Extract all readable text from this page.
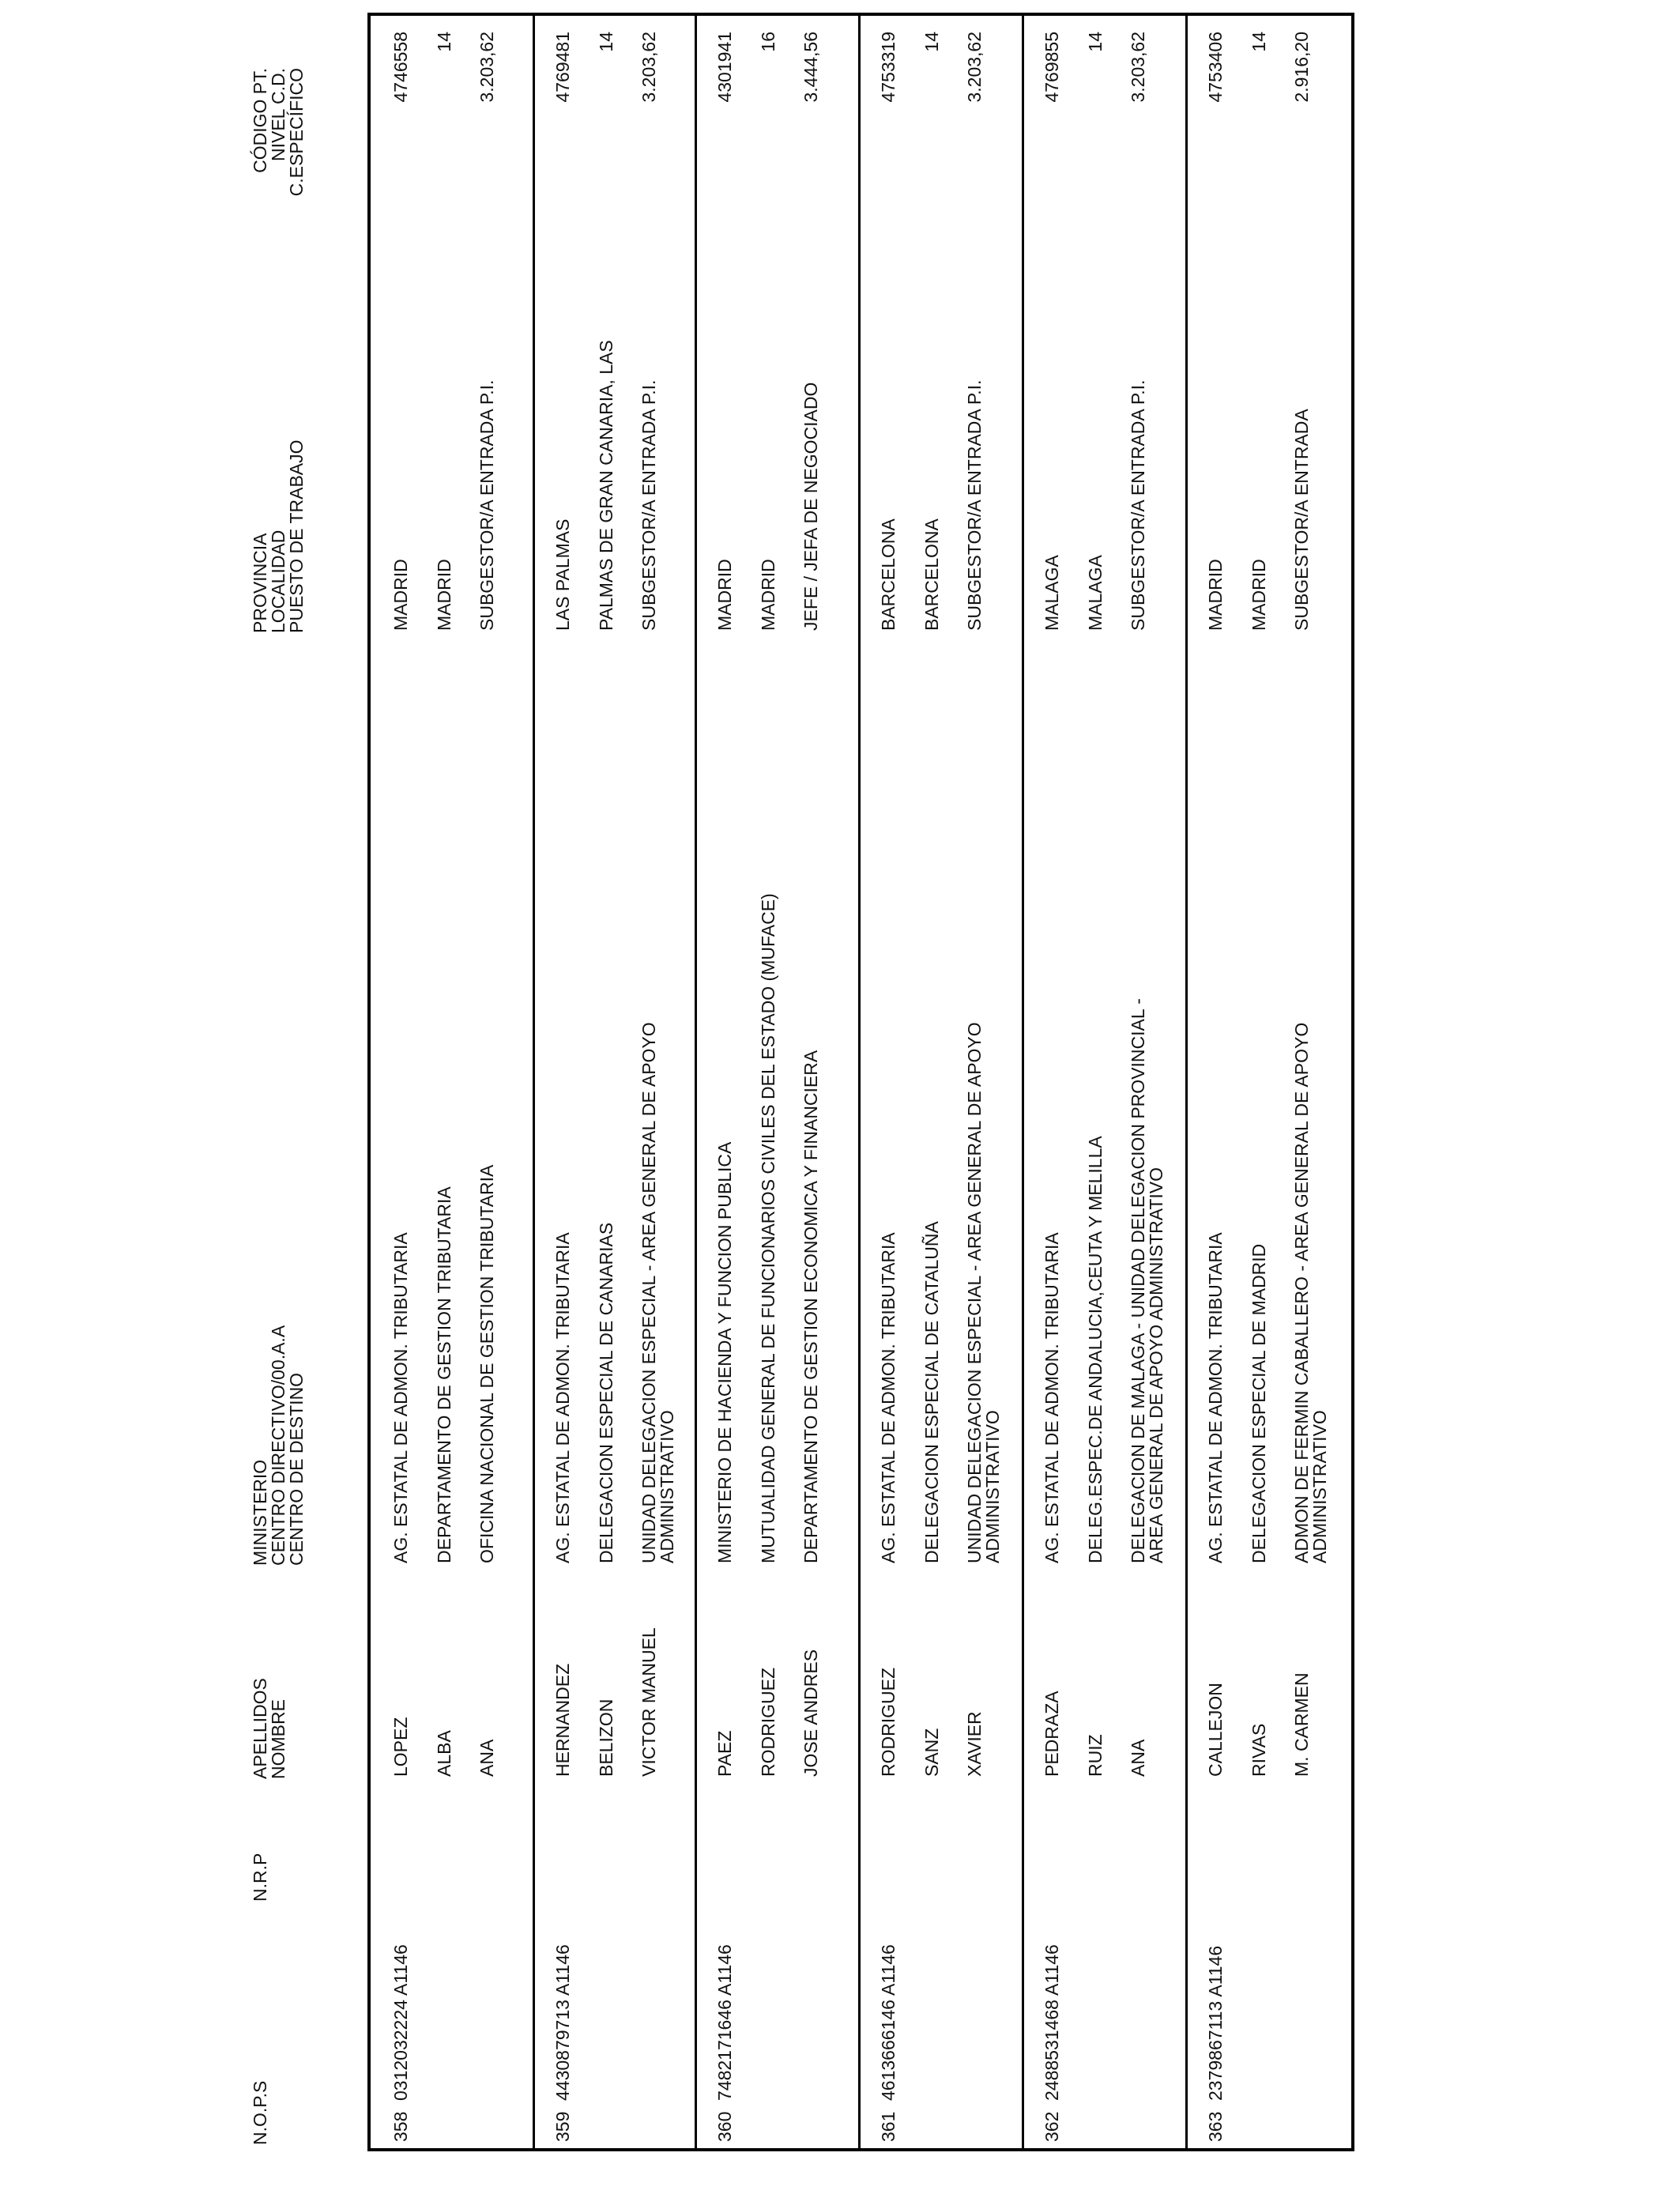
N.O.P.S
N.R.P
APELLIDOS
NOMBRE
MINISTERIO
CENTRO DIRECTIVO/00.A.A
CENTRO DE DESTINO
PROVINCIA
LOCALIDAD
PUESTO DE TRABAJO
CÓDIGO PT.
NIVEL C.D.
C.ESPECÍFICO
358
0312032224 A1146
LOPEZ ALBA ANA
AG. ESTATAL DE ADMON. TRIBUTARIA DEPARTAMENTO DE GESTION TRIBUTARIA OFICINA NACIONAL DE GESTION TRIBUTARIA
MADRID MADRID SUBGESTOR/A ENTRADA P.I.
4746558 14 3.203,62
359
4430879713 A1146
HERNANDEZ BELIZON VICTOR MANUEL
AG. ESTATAL DE ADMON. TRIBUTARIA DELEGACION ESPECIAL DE CANARIAS UNIDAD DELEGACION ESPECIAL - AREA GENERAL DE APOYO ADMINISTRATIVO
LAS PALMAS PALMAS DE GRAN CANARIA, LAS SUBGESTOR/A ENTRADA P.I.
4769481 14 3.203,62
360
7482171646 A1146
PAEZ RODRIGUEZ JOSE ANDRES
MINISTERIO DE HACIENDA Y FUNCION PUBLICA MUTUALIDAD GENERAL DE FUNCIONARIOS CIVILES DEL ESTADO (MUFACE) DEPARTAMENTO DE GESTION ECONOMICA Y FINANCIERA
MADRID MADRID JEFE / JEFA DE NEGOCIADO
4301941 16 3.444,56
361
4613666146 A1146
RODRIGUEZ SANZ XAVIER
AG. ESTATAL DE ADMON. TRIBUTARIA DELEGACION ESPECIAL DE CATALUÑA UNIDAD DELEGACION ESPECIAL - AREA GENERAL DE APOYO ADMINISTRATIVO
BARCELONA BARCELONA SUBGESTOR/A ENTRADA P.I.
4753319 14 3.203,62
362
2488531468 A1146
PEDRAZA RUIZ ANA
AG. ESTATAL DE ADMON. TRIBUTARIA DELEG.ESPEC.DE ANDALUCIA,CEUTA Y MELILLA DELEGACION DE MALAGA - UNIDAD DELEGACION PROVINCIAL - AREA GENERAL DE APOYO ADMINISTRATIVO
MALAGA MALAGA SUBGESTOR/A ENTRADA P.I.
4769855 14 3.203,62
363
2379867113 A1146
CALLEJON RIVAS M. CARMEN
AG. ESTATAL DE ADMON. TRIBUTARIA DELEGACION ESPECIAL DE MADRID ADMON DE FERMIN CABALLERO - AREA GENERAL DE APOYO ADMINISTRATIVO
MADRID MADRID SUBGESTOR/A ENTRADA
4753406 14 2.916,20
